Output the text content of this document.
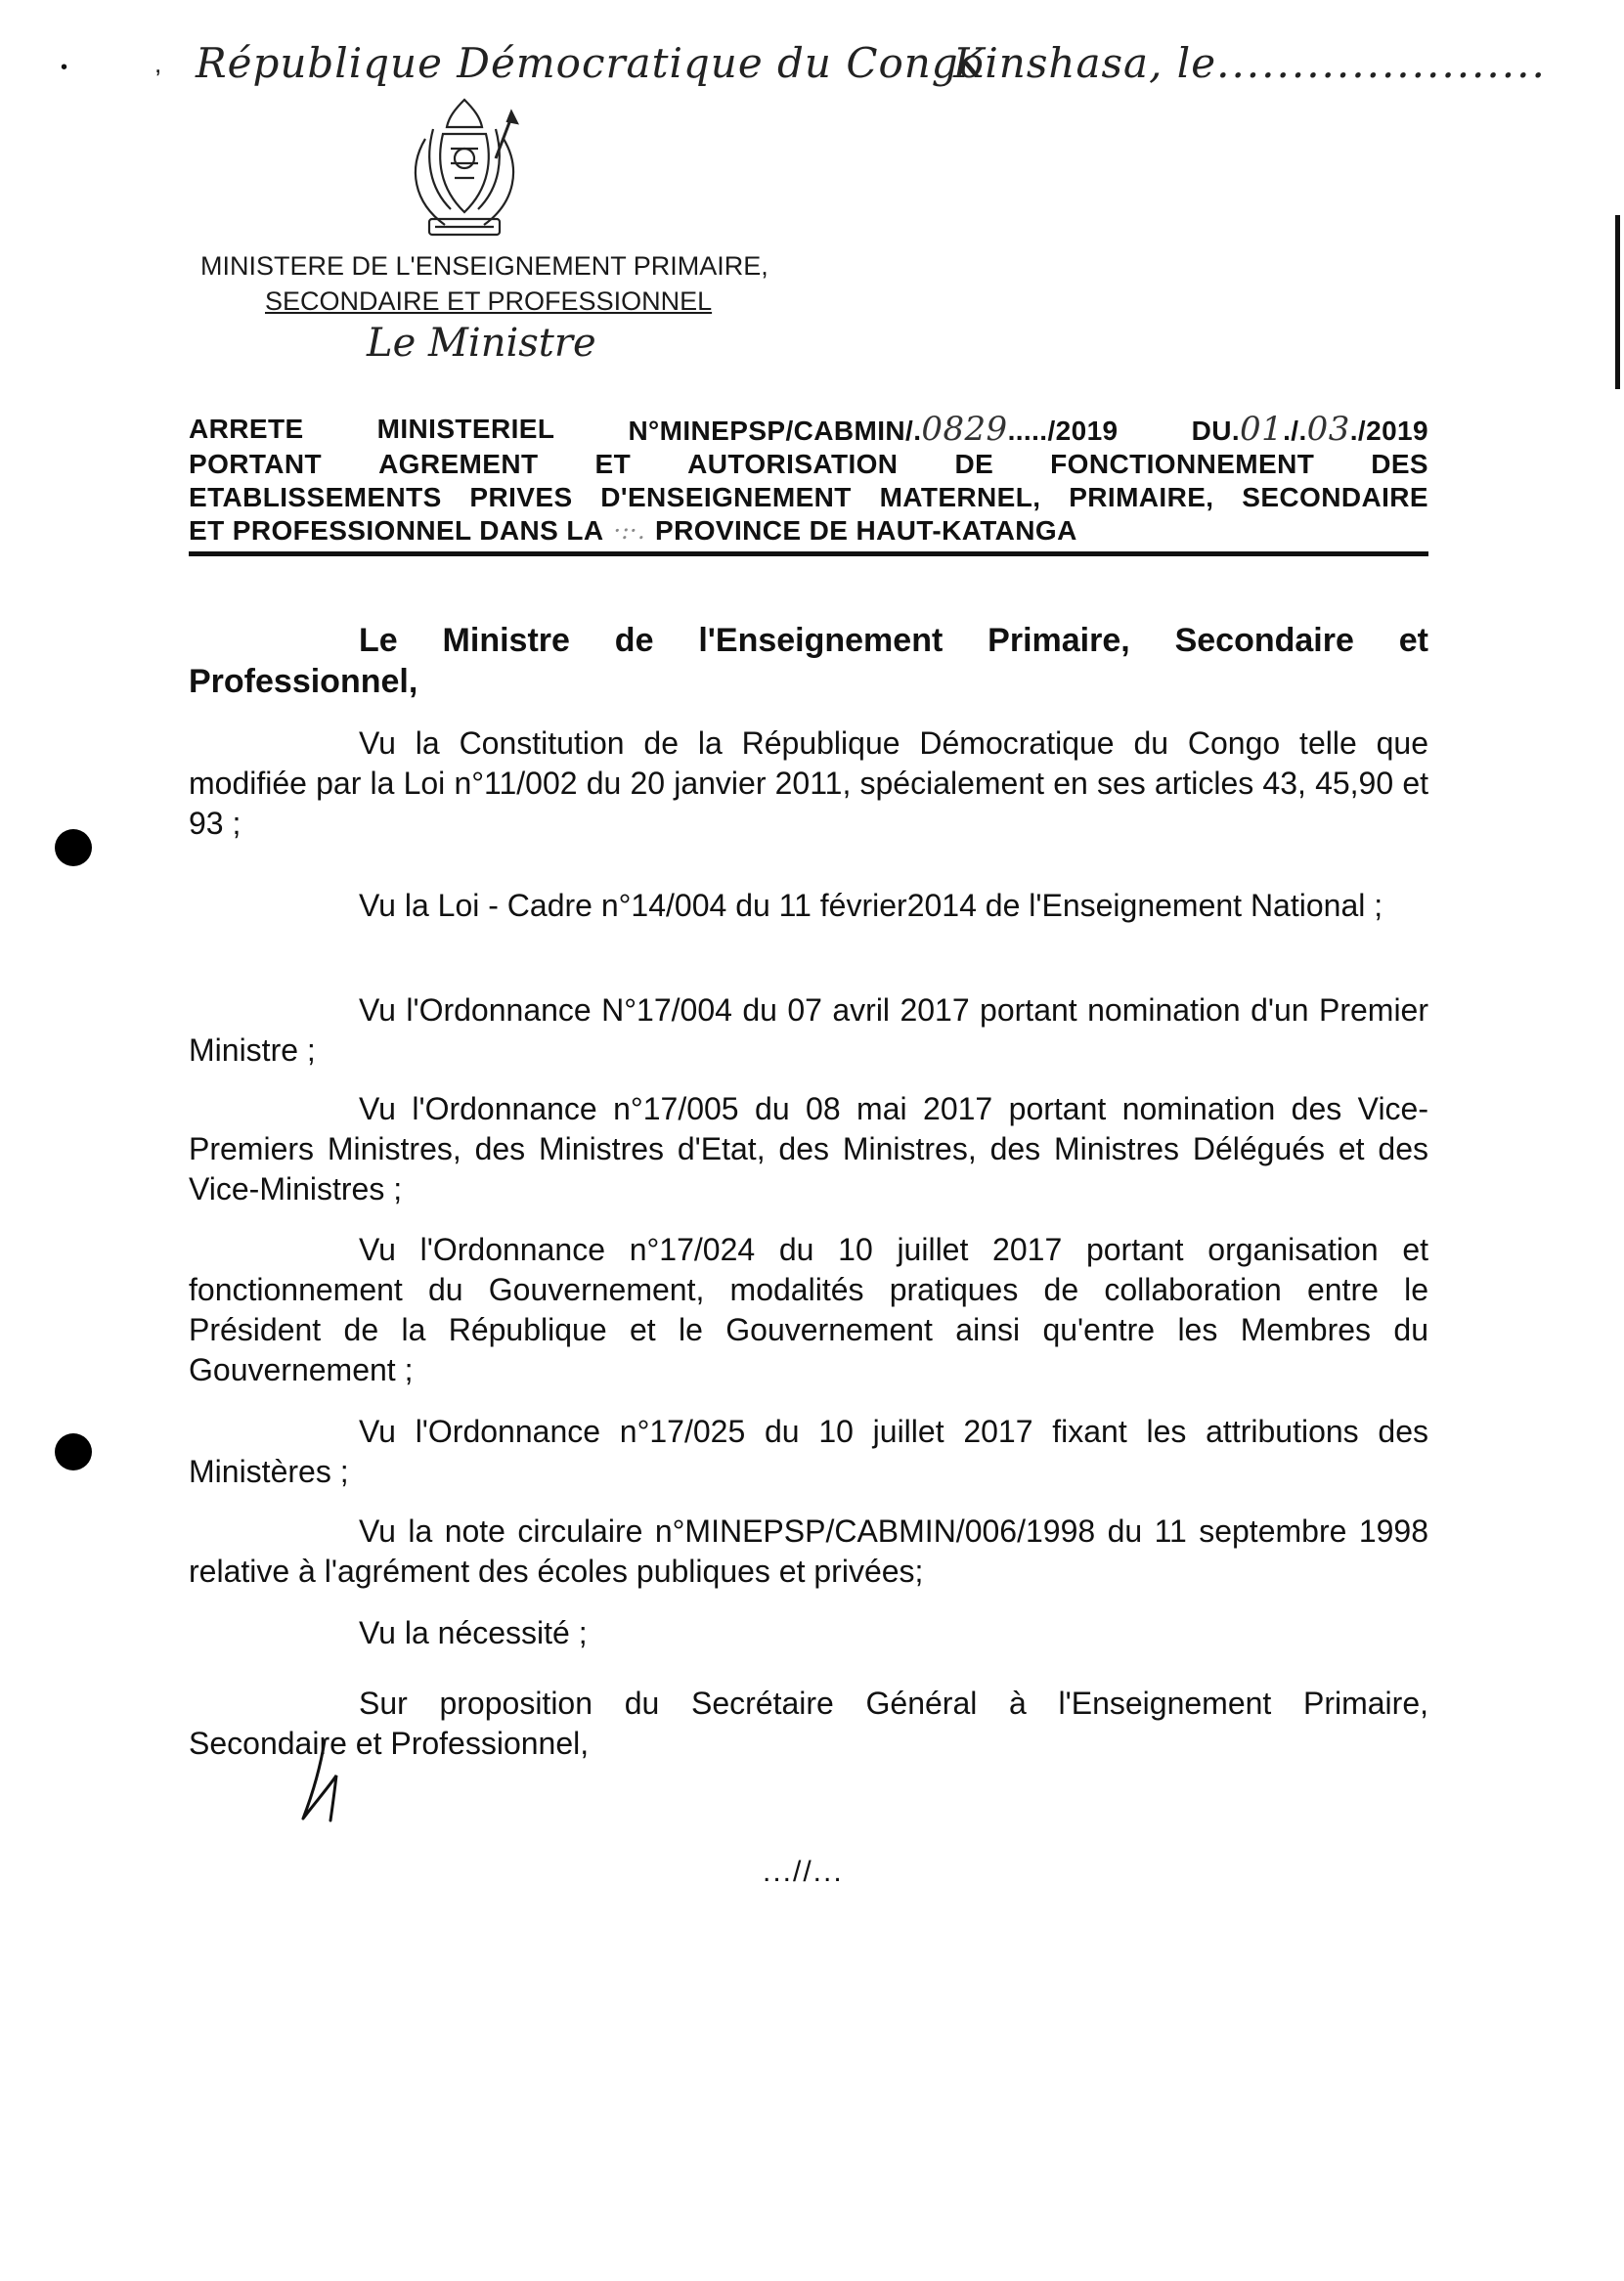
•	, République Démocratique du Congo
Kinshasa, le......................
MINISTERE DE L'ENSEIGNEMENT PRIMAIRE,
SECONDAIRE ET PROFESSIONNEL
Le Ministre
ARRETE	MINISTERIEL	N°MINEPSP/CABMIN/.0829...../2019	DU.01./.03./2019
PORTANT AGREMENT ET AUTORISATION DE FONCTIONNEMENT DES
ETABLISSEMENTS PRIVES D'ENSEIGNEMENT MATERNEL, PRIMAIRE, SECONDAIRE
ET PROFESSIONNEL DANS LA ·:·. PROVINCE DE HAUT-KATANGA

Le Ministre de l'Enseignement Primaire, Secondaire et Professionnel,

Vu la Constitution de la République Démocratique du Congo telle que modifiée par la Loi n°11/002 du 20 janvier 2011, spécialement en ses articles 43, 45,90 et 93 ;

Vu la Loi - Cadre n°14/004 du 11 février2014 de l'Enseignement National ;

Vu l'Ordonnance N°17/004 du 07 avril 2017 portant nomination d'un Premier Ministre ;

Vu l'Ordonnance n°17/005 du 08 mai 2017 portant nomination des Vice-Premiers Ministres, des Ministres d'Etat, des Ministres, des Ministres Délégués et des Vice-Ministres ;

Vu l'Ordonnance n°17/024 du 10 juillet 2017 portant organisation et fonctionnement du Gouvernement, modalités pratiques de collaboration entre le Président de la République et le Gouvernement ainsi qu'entre les Membres du Gouvernement ;

Vu l'Ordonnance n°17/025 du 10 juillet 2017 fixant les attributions des Ministères ;

Vu la note circulaire n°MINEPSP/CABMIN/006/1998 du 11 septembre 1998 relative à l'agrément des écoles publiques et privées;

Vu la nécessité ;

Sur proposition du Secrétaire Général à l'Enseignement Primaire, Secondaire et Professionnel,

...//...
